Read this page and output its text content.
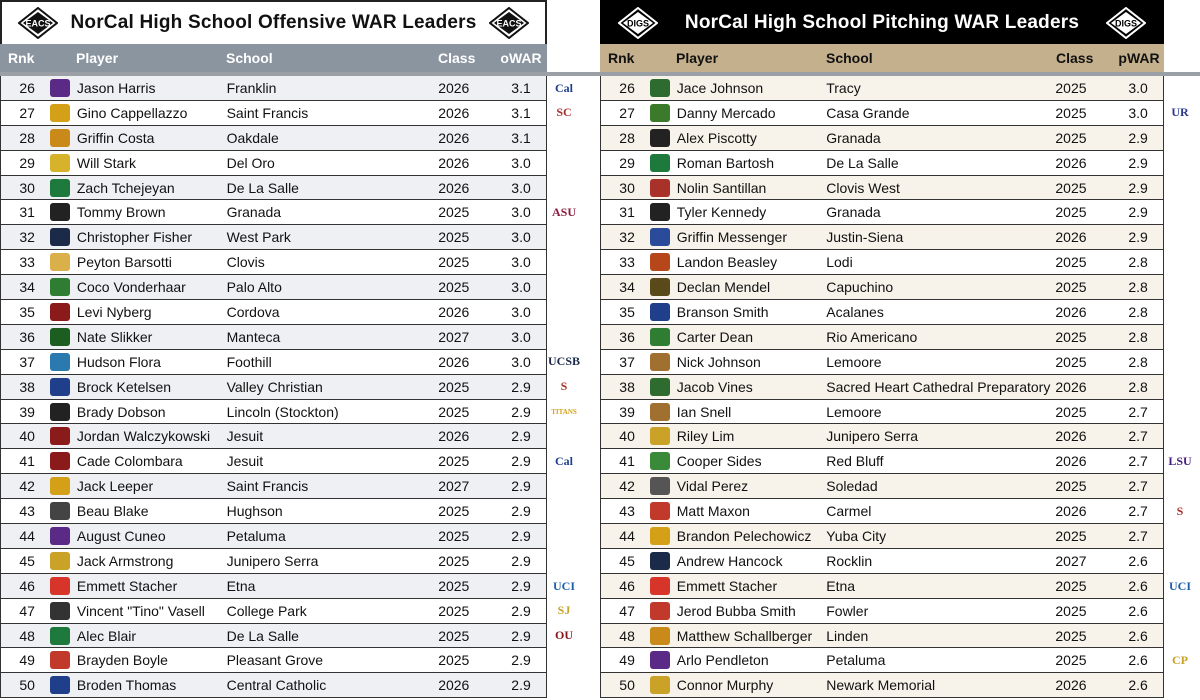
EACS NorCal High School Offensive WAR Leaders EACS
Rnk	Player	School	Class	oWAR
26	Jason Harris	Franklin	2026	3.1
27	Gino Cappellazzo	Saint Francis	2026	3.1
28	Griffin Costa	Oakdale	2026	3.1
29	Will Stark	Del Oro	2026	3.0
30	Zach Tchejeyan	De La Salle	2026	3.0
31	Tommy Brown	Granada	2025	3.0
32	Christopher Fisher	West Park	2025	3.0
33	Peyton Barsotti	Clovis	2025	3.0
34	Coco Vonderhaar	Palo Alto	2025	3.0
35	Levi Nyberg	Cordova	2026	3.0
36	Nate Slikker	Manteca	2027	3.0
37	Hudson Flora	Foothill	2026	3.0
38	Brock Ketelsen	Valley Christian	2025	2.9
39	Brady Dobson	Lincoln (Stockton)	2025	2.9
40	Jordan Walczykowski	Jesuit	2026	2.9
41	Cade Colombara	Jesuit	2025	2.9
42	Jack Leeper	Saint Francis	2027	2.9
43	Beau Blake	Hughson	2025	2.9
44	August Cuneo	Petaluma	2025	2.9
45	Jack Armstrong	Junipero Serra	2025	2.9
46	Emmett Stacher	Etna	2025	2.9
47	Vincent "Tino" Vasell	College Park	2025	2.9
48	Alec Blair	De La Salle	2025	2.9
49	Brayden Boyle	Pleasant Grove	2025	2.9
50	Broden Thomas	Central Catholic	2026	2.9
DIGS NorCal High School Pitching WAR Leaders	DIGS
Rnk	Player	School	Class	pWAR
26	Jace Johnson	Tracy	2025	3.0
27	Danny Mercado	Casa Grande	2025	3.0
28	Alex Piscotty	Granada	2025	2.9
29	Roman Bartosh	De La Salle	2026	2.9
30	Nolin Santillan	Clovis West	2025	2.9
31	Tyler Kennedy	Granada	2025	2.9
32	Griffin Messenger	Justin-Siena	2026	2.9
33	Landon Beasley	Lodi	2025	2.8
34	Declan Mendel	Capuchino	2025	2.8
35	Branson Smith	Acalanes	2026	2.8
36	Carter Dean	Rio Americano	2025	2.8
37	Nick Johnson	Lemoore	2025	2.8
38	Jacob Vines	Sacred Heart Cathedral Preparatory 2026	2.8
39	Ian Snell	Lemoore	2025	2.7
40	Riley Lim	Junipero Serra	2026	2.7
41	Cooper Sides	Red Bluff	2026	2.7
42	Vidal Perez	Soledad	2025	2.7
43	Matt Maxon	Carmel	2026	2.7
44	Brandon Pelechowicz	Yuba City	2025	2.7
45	Andrew Hancock	Rocklin	2027	2.6
46	Emmett Stacher	Etna	2025	2.6
47	Jerod Bubba Smith	Fowler	2025	2.6
48	Matthew Schallberger	Linden	2025	2.6
49	Arlo Pendleton	Petaluma	2025	2.6
50	Connor Murphy	Newark Memorial	2026	2.6
Cal
SC
ASU
UCSB
S
TITANS
Cal
UCI
SJ
OU
UR
LSU
S
UCI
CP
